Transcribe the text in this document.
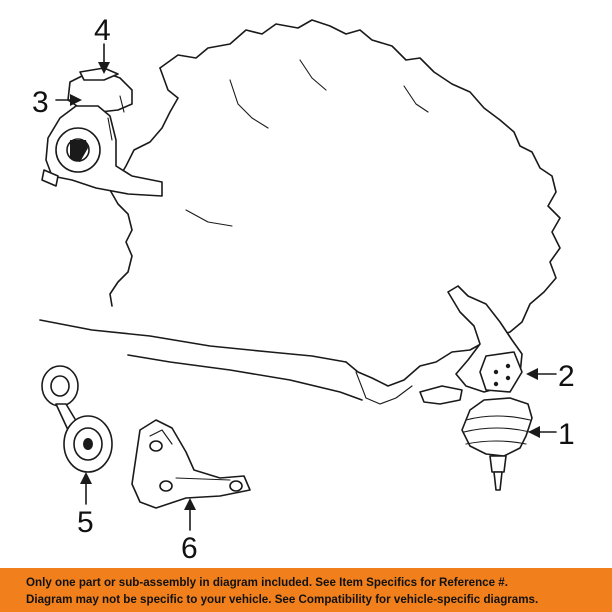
4
3
2
1
5
6
Only one part or sub-assembly in diagram included. See Item Specifics for Reference #.
Diagram may not be specific to your vehicle. See Compatibility for vehicle-specific diagrams.
